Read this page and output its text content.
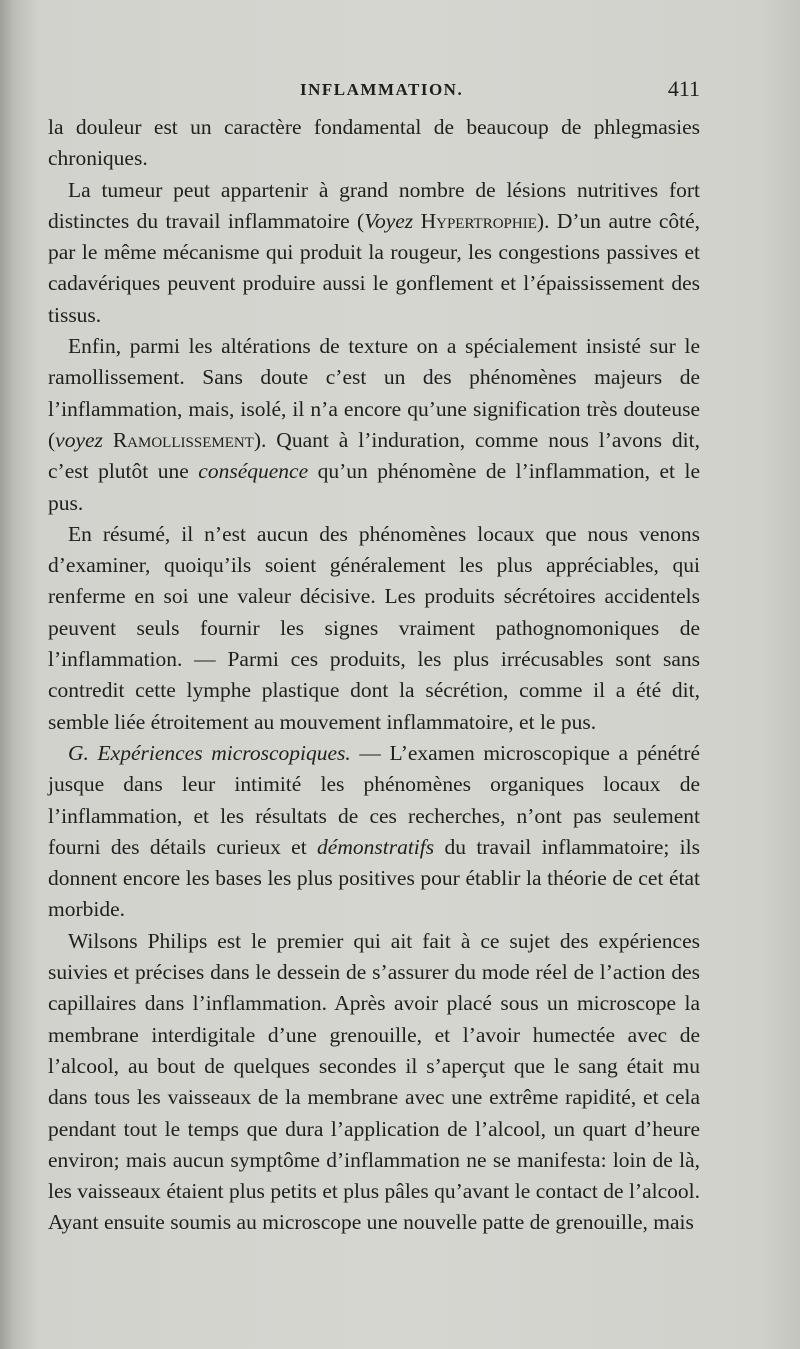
INFLAMMATION.	411

la douleur est un caractère fondamental de beaucoup de phlegmasies chroniques.

La tumeur peut appartenir à grand nombre de lésions nutritives fort distinctes du travail inflammatoire (Voyez Hypertrophie). D’un autre côté, par le même mécanisme qui produit la rougeur, les congestions passives et cadavériques peuvent produire aussi le gonflement et l’épaississement des tissus.

Enfin, parmi les altérations de texture on a spécialement insisté sur le ramollissement. Sans doute c’est un des phénomènes majeurs de l’inflammation, mais, isolé, il n’a encore qu’une signification très douteuse (voyez Ramollissement). Quant à l’induration, comme nous l’avons dit, c’est plutôt une conséquence qu’un phénomène de l’inflammation, et le pus.

En résumé, il n’est aucun des phénomènes locaux que nous venons d’examiner, quoiqu’ils soient généralement les plus appréciables, qui renferme en soi une valeur décisive. Les produits sécrétoires accidentels peuvent seuls fournir les signes vraiment pathognomoniques de l’inflammation. — Parmi ces produits, les plus irrécusables sont sans contredit cette lymphe plastique dont la sécrétion, comme il a été dit, semble liée étroitement au mouvement inflammatoire, et le pus.

G. Expériences microscopiques. — L’examen microscopique a pénétré jusque dans leur intimité les phénomènes organiques locaux de l’inflammation, et les résultats de ces recherches, n’ont pas seulement fourni des détails curieux et démonstratifs du travail inflammatoire; ils donnent encore les bases les plus positives pour établir la théorie de cet état morbide.

Wilsons Philips est le premier qui ait fait à ce sujet des expériences suivies et précises dans le dessein de s’assurer du mode réel de l’action des capillaires dans l’inflammation. Après avoir placé sous un microscope la membrane interdigitale d’une grenouille, et l’avoir humectée avec de l’alcool, au bout de quelques secondes il s’aperçut que le sang était mu dans tous les vaisseaux de la membrane avec une extrême rapidité, et cela pendant tout le temps que dura l’application de l’alcool, un quart d’heure environ; mais aucun symptôme d’inflammation ne se manifesta: loin de là, les vaisseaux étaient plus petits et plus pâles qu’avant le contact de l’alcool. Ayant ensuite soumis au microscope une nouvelle patte de grenouille, mais
